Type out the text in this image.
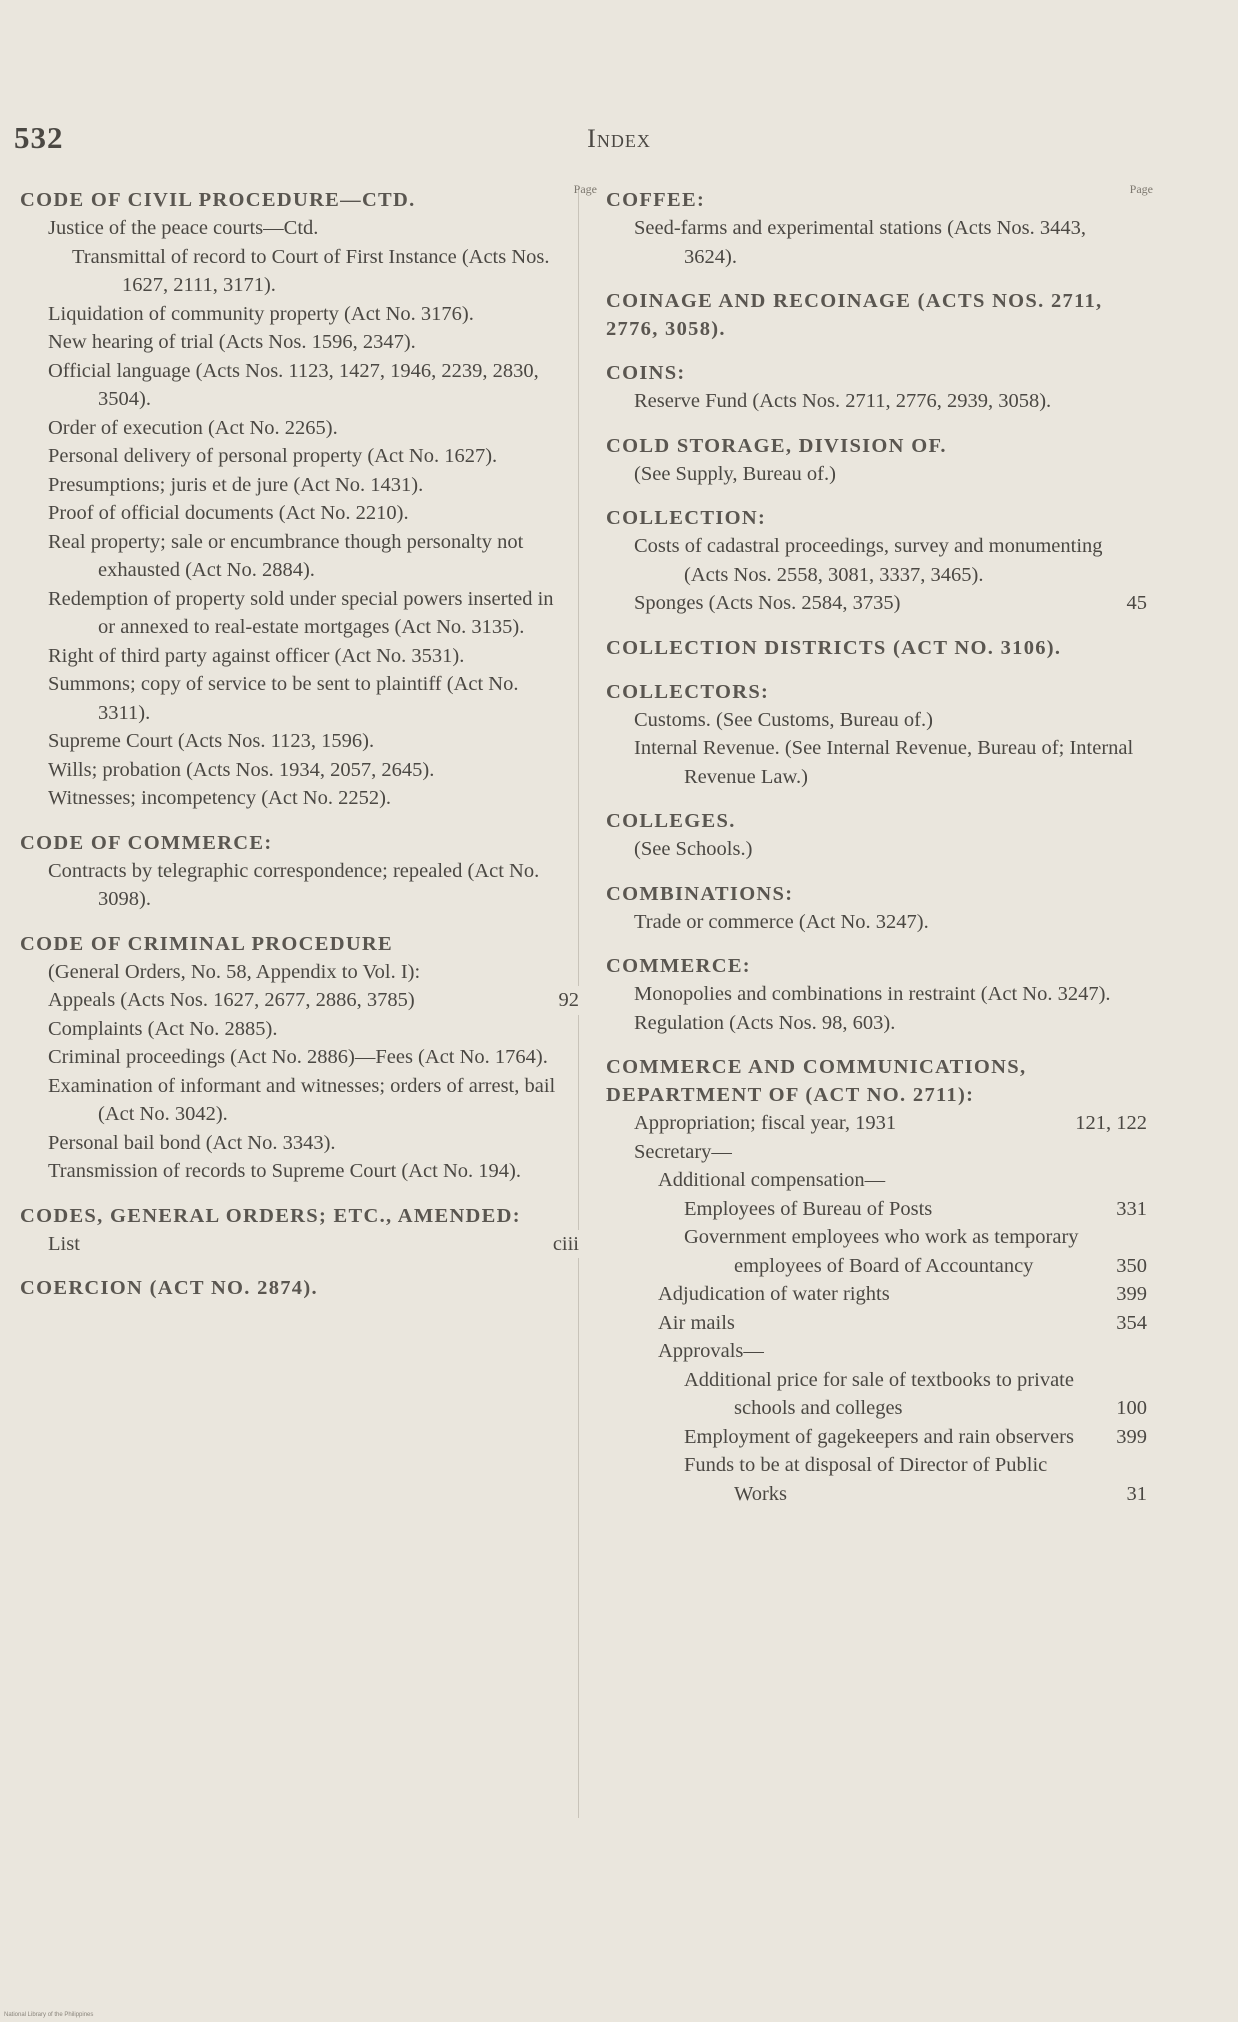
532	Index
Page
CODE OF CIVIL PROCEDURE—CTD.
Justice of the peace courts—Ctd.
Transmittal of record to Court of First Instance (Acts Nos. 1627, 2111, 3171).
Liquidation of community property (Act No. 3176).
New hearing of trial (Acts Nos. 1596, 2347).
Official language (Acts Nos. 1123, 1427, 1946, 2239, 2830, 3504).
Order of execution (Act No. 2265).
Personal delivery of personal property (Act No. 1627).
Presumptions; juris et de jure (Act No. 1431).
Proof of official documents (Act No. 2210).
Real property; sale or encumbrance though personalty not exhausted (Act No. 2884).
Redemption of property sold under special powers inserted in or annexed to real-estate mortgages (Act No. 3135).
Right of third party against officer (Act No. 3531).
Summons; copy of service to be sent to plaintiff (Act No. 3311).
Supreme Court (Acts Nos. 1123, 1596).
Wills; probation (Acts Nos. 1934, 2057, 2645).
Witnesses; incompetency (Act No. 2252).
CODE OF COMMERCE:
Contracts by telegraphic correspondence; repealed (Act No. 3098).
CODE OF CRIMINAL PROCEDURE
(General Orders, No. 58, Appendix to Vol. I):
Appeals (Acts Nos. 1627, 2677, 2886, 3785)	92
Complaints (Act No. 2885).
Criminal proceedings (Act No. 2886)—Fees (Act No. 1764).
Examination of informant and witnesses; orders of arrest, bail (Act No. 3042).
Personal bail bond (Act No. 3343).
Transmission of records to Supreme Court (Act No. 194).
CODES, GENERAL ORDERS; ETC., AMENDED:
List	ciii
COERCION (ACT NO. 2874).
Page
COFFEE:
Seed-farms and experimental stations (Acts Nos. 3443, 3624).
COINAGE AND RECOINAGE (ACTS NOS. 2711, 2776, 3058).
COINS:
Reserve Fund (Acts Nos. 2711, 2776, 2939, 3058).
COLD STORAGE, DIVISION OF.
(See Supply, Bureau of.)
COLLECTION:
Costs of cadastral proceedings, survey and monumenting (Acts Nos. 2558, 3081, 3337, 3465).
Sponges (Acts Nos. 2584, 3735)	45
COLLECTION DISTRICTS (ACT NO. 3106).
COLLECTORS:
Customs. (See Customs, Bureau of.)
Internal Revenue. (See Internal Revenue, Bureau of; Internal Revenue Law.)
COLLEGES.
(See Schools.)
COMBINATIONS:
Trade or commerce (Act No. 3247).
COMMERCE:
Monopolies and combinations in restraint (Act No. 3247).
Regulation (Acts Nos. 98, 603).
COMMERCE AND COMMUNICATIONS, DEPARTMENT OF (ACT NO. 2711):
Appropriation; fiscal year, 1931	121, 122
Secretary—
Additional compensation—
Employees of Bureau of Posts	331
Government employees who work as temporary employees of Board of Accountancy	350
Adjudication of water rights	399
Air mails	354
Approvals—
Additional price for sale of textbooks to private schools and colleges	100
Employment of gagekeepers and rain observers 399
Funds to be at disposal of Director of Public Works	31
National Library of the Philippines
